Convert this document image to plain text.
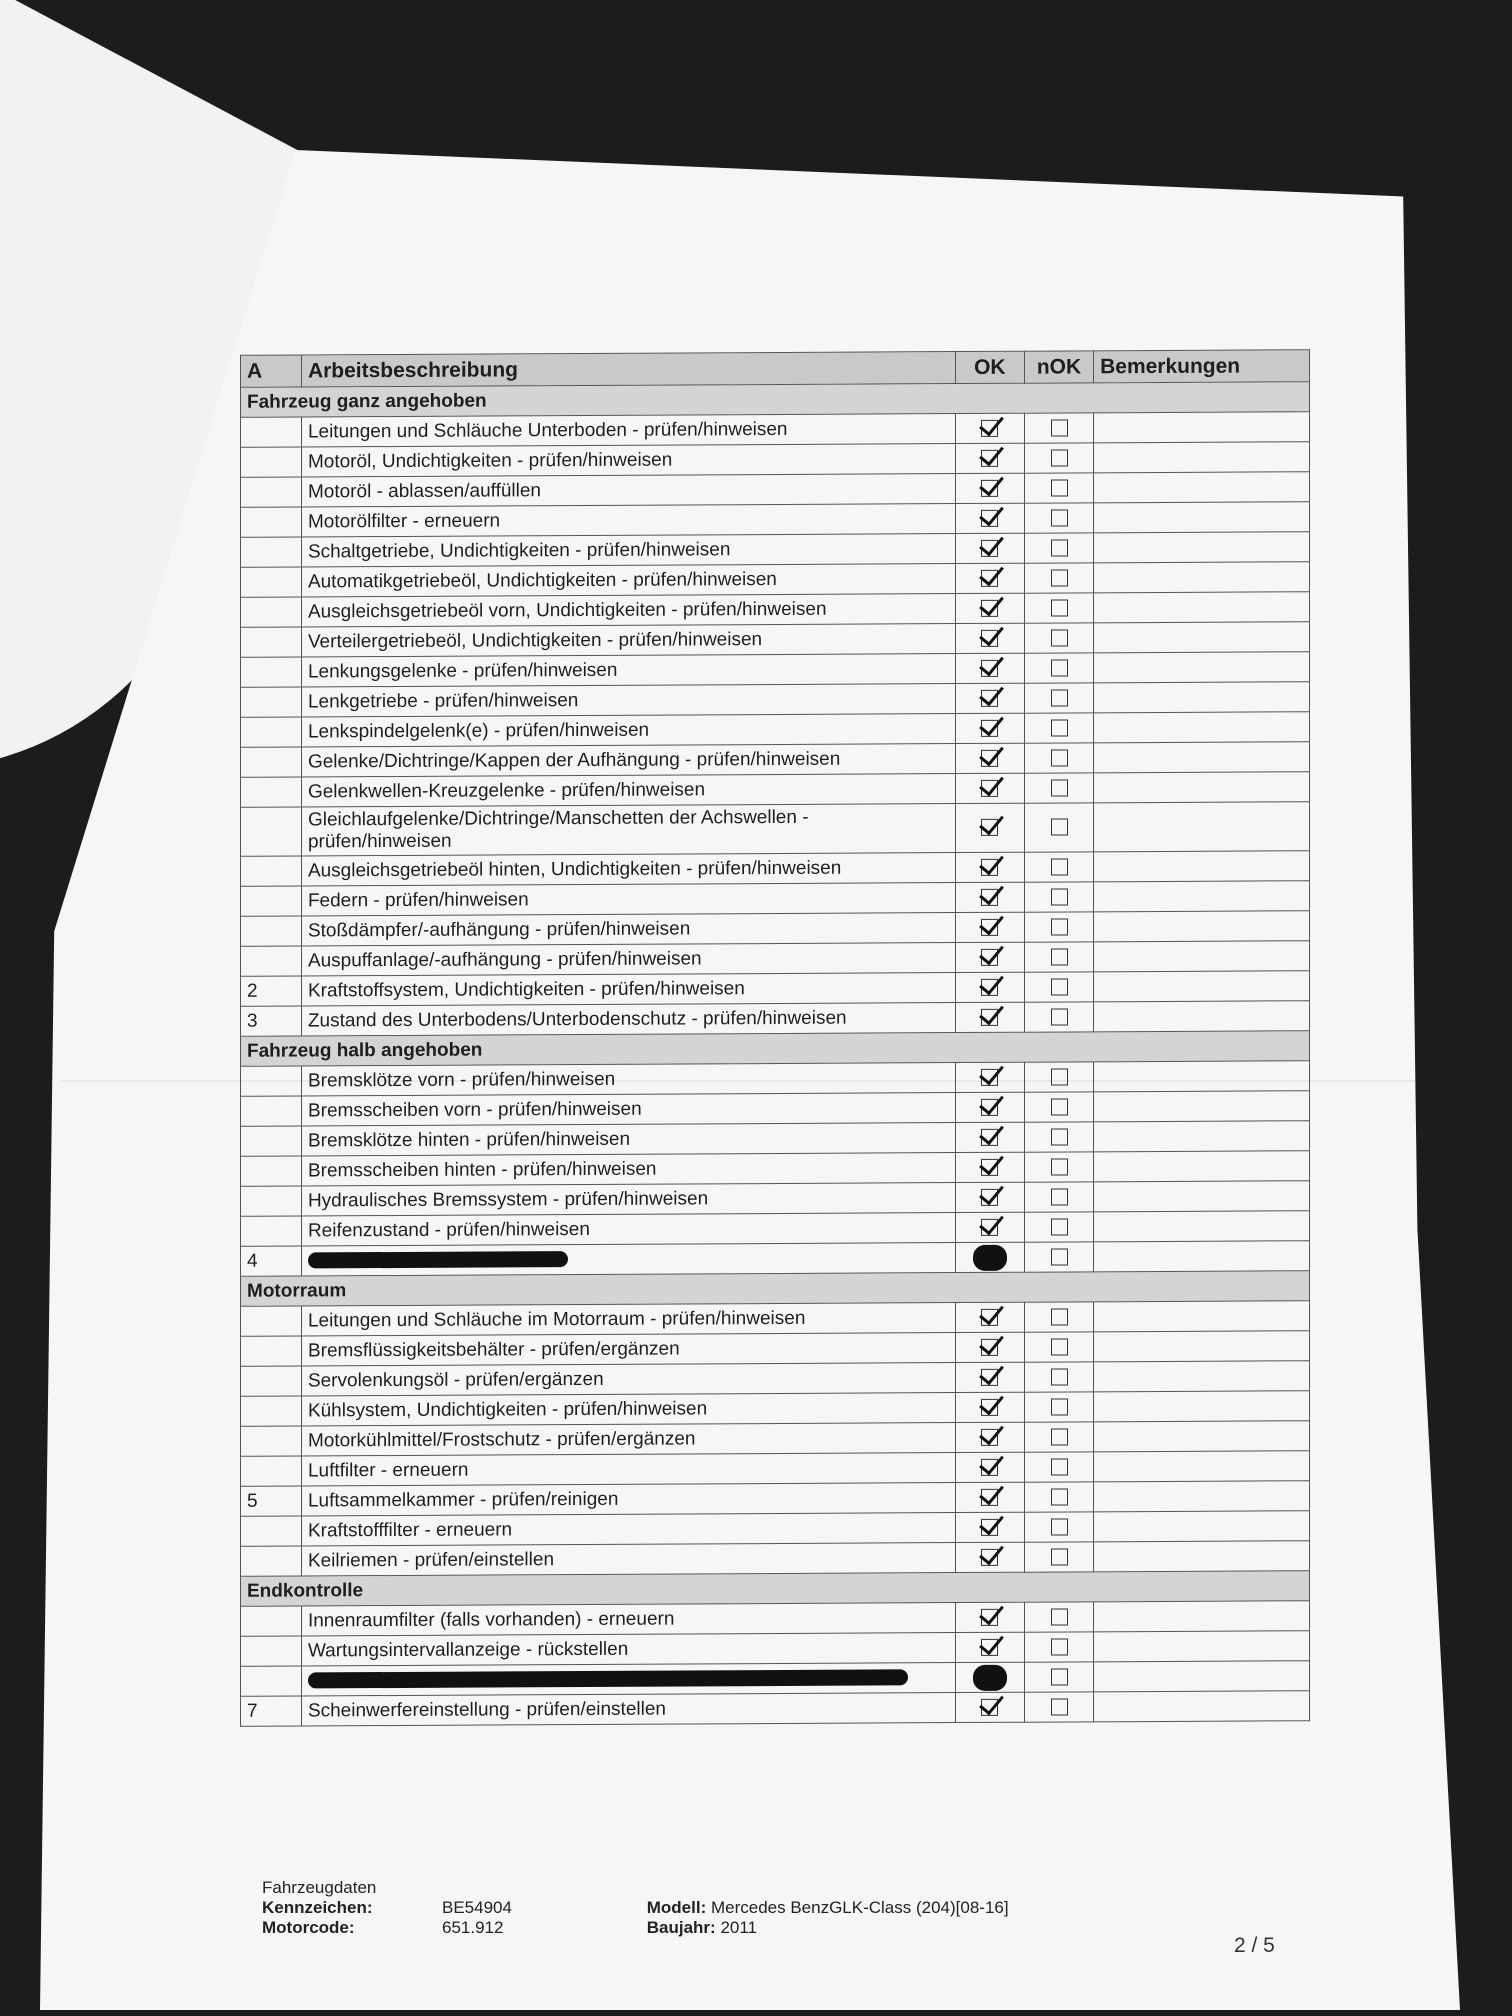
A	Arbeitsbeschreibung	OK	nOK	Bemerkungen
Fahrzeug ganz angehoben				
	Leitungen und Schläuche Unterboden - prüfen/hinweisen			
	Motoröl, Undichtigkeiten - prüfen/hinweisen			
	Motoröl - ablassen/auffüllen			
	Motorölfilter - erneuern			
	Schaltgetriebe, Undichtigkeiten - prüfen/hinweisen			
	Automatikgetriebeöl, Undichtigkeiten - prüfen/hinweisen			
	Ausgleichsgetriebeöl vorn, Undichtigkeiten - prüfen/hinweisen			
	Verteilergetriebeöl, Undichtigkeiten - prüfen/hinweisen			
	Lenkungsgelenke - prüfen/hinweisen			
	Lenkgetriebe - prüfen/hinweisen			
	Lenkspindelgelenk(e) - prüfen/hinweisen			
	Gelenke/Dichtringe/Kappen der Aufhängung - prüfen/hinweisen			
	Gelenkwellen-Kreuzgelenke - prüfen/hinweisen			
	Gleichlaufgelenke/Dichtringe/Manschetten der Achswellen - prüfen/hinweisen			
	Ausgleichsgetriebeöl hinten, Undichtigkeiten - prüfen/hinweisen			
	Federn - prüfen/hinweisen			
	Stoßdämpfer/-aufhängung - prüfen/hinweisen			
	Auspuffanlage/-aufhängung - prüfen/hinweisen			
2	Kraftstoffsystem, Undichtigkeiten - prüfen/hinweisen			
3	Zustand des Unterbodens/Unterbodenschutz - prüfen/hinweisen			
Fahrzeug halb angehoben				
	Bremsklötze vorn - prüfen/hinweisen			
	Bremsscheiben vorn - prüfen/hinweisen			
	Bremsklötze hinten - prüfen/hinweisen			
	Bremsscheiben hinten - prüfen/hinweisen			
	Hydraulisches Bremssystem - prüfen/hinweisen			
	Reifenzustand - prüfen/hinweisen			
4				
Motorraum				
	Leitungen und Schläuche im Motorraum - prüfen/hinweisen			
	Bremsflüssigkeitsbehälter - prüfen/ergänzen			
	Servolenkungsöl - prüfen/ergänzen			
	Kühlsystem, Undichtigkeiten - prüfen/hinweisen			
	Motorkühlmittel/Frostschutz - prüfen/ergänzen			
	Luftfilter - erneuern			
5	Luftsammelkammer - prüfen/reinigen			
	Kraftstofffilter - erneuern			
	Keilriemen - prüfen/einstellen			
Endkontrolle				
	Innenraumfilter (falls vorhanden) - erneuern			
	Wartungsintervallanzeige - rückstellen			

7	Scheinwerfereinstellung - prüfen/einstellen			
Fahrzeugdaten
Kennzeichen:	BE54904	Modell: Mercedes BenzGLK-Class (204)[08-16]
Motorcode:	651.912	Baujahr: 2011
2 / 5
